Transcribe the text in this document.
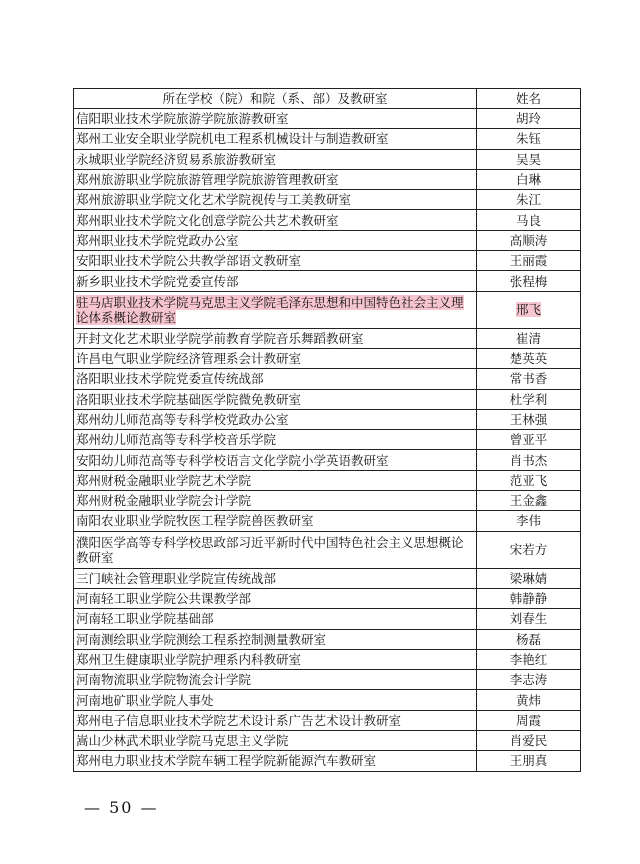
所在学校（院）和院（系、部）及教研室	姓名
信阳职业技术学院旅游学院旅游教研室	胡玲
郑州工业安全职业学院机电工程系机械设计与制造教研室	朱钰
永城职业学院经济贸易系旅游教研室	吴昊
郑州旅游职业学院旅游管理学院旅游管理教研室	白琳
郑州旅游职业学院文化艺术学院视传与工美教研室	朱江
郑州职业技术学院文化创意学院公共艺术教研室	马良
郑州职业技术学院党政办公室	高顺涛
安阳职业技术学院公共教学部语文教研室	王丽霞
新乡职业技术学院党委宣传部	张程梅
驻马店职业技术学院马克思主义学院毛泽东思想和中国特色社会主义理论体系概论教研室	邢飞
开封文化艺术职业学院学前教育学院音乐舞蹈教研室	崔清
许昌电气职业学院经济管理系会计教研室	楚英英
洛阳职业技术学院党委宣传统战部	常书香
洛阳职业技术学院基础医学院微免教研室	杜学利
郑州幼儿师范高等专科学校党政办公室	王林强
郑州幼儿师范高等专科学校音乐学院	曾亚平
安阳幼儿师范高等专科学校语言文化学院小学英语教研室	肖书杰
郑州财税金融职业学院艺术学院	范亚飞
郑州财税金融职业学院会计学院	王金鑫
南阳农业职业学院牧医工程学院兽医教研室	李伟
濮阳医学高等专科学校思政部习近平新时代中国特色社会主义思想概论教研室	宋若方
三门峡社会管理职业学院宣传统战部	梁琳婧
河南轻工职业学院公共课教学部	韩静静
河南轻工职业学院基础部	刘春生
河南测绘职业学院测绘工程系控制测量教研室	杨磊
郑州卫生健康职业学院护理系内科教研室	李艳红
河南物流职业学院物流会计学院	李志涛
河南地矿职业学院人事处	黄炜
郑州电子信息职业技术学院艺术设计系广告艺术设计教研室	周霞
嵩山少林武术职业学院马克思主义学院	肖爱民
郑州电力职业技术学院车辆工程学院新能源汽车教研室	王朋真
— 50 —
